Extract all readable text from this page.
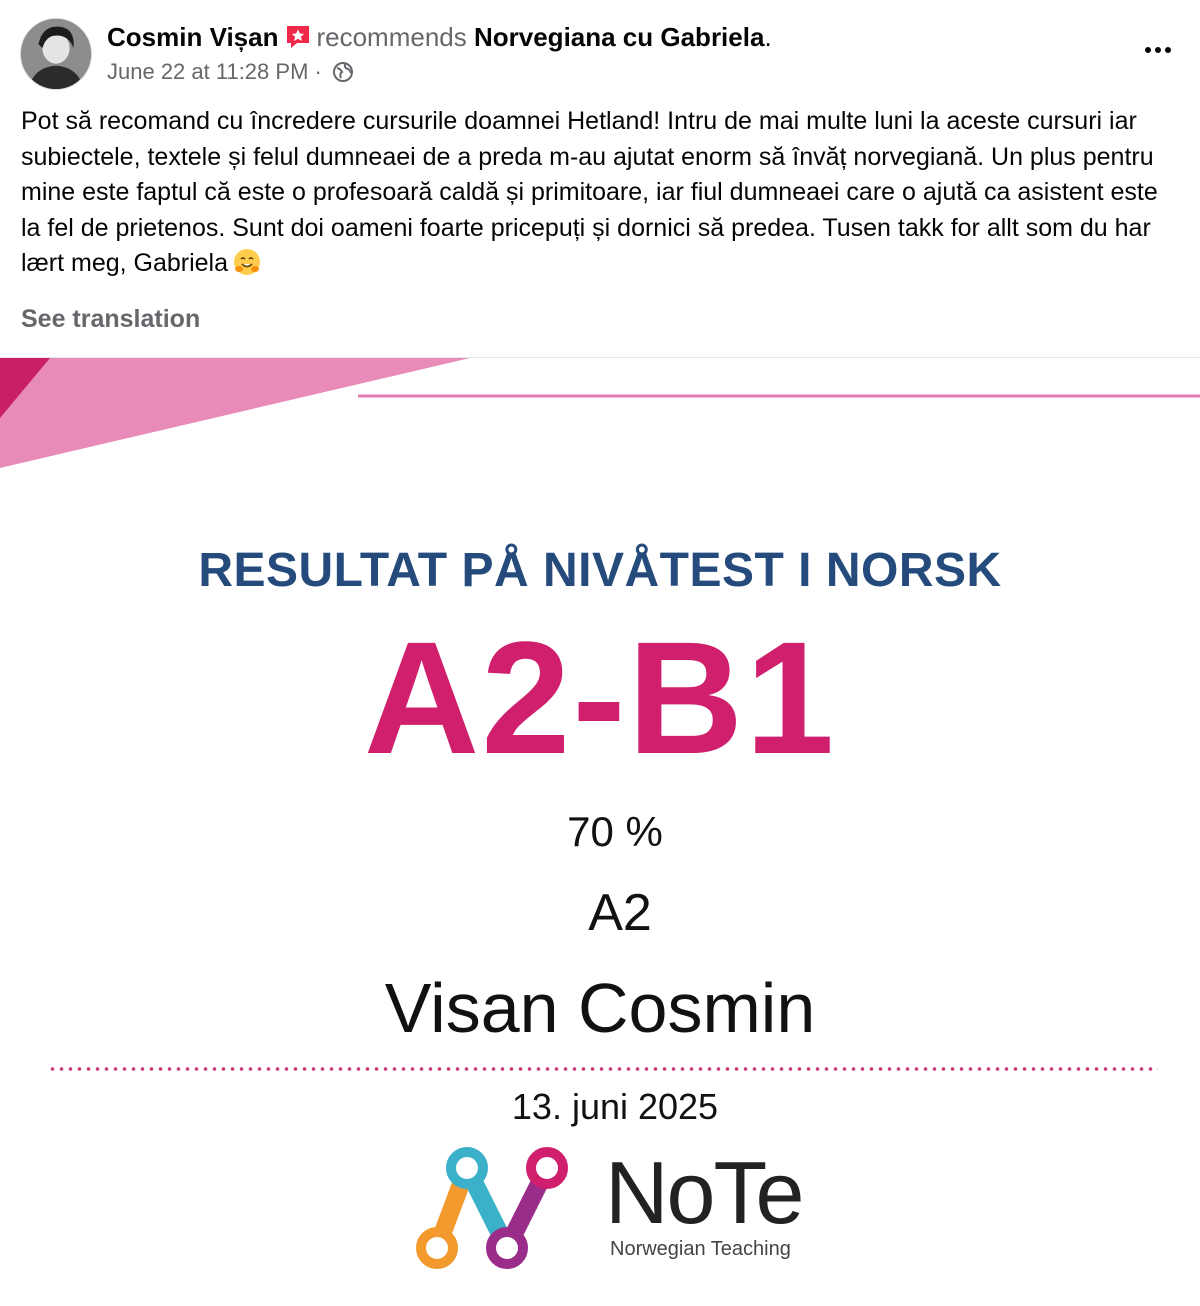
Cosmin Vișan recommends Norvegiana cu Gabriela.
June 22 at 11:28 PM ·
Pot să recomand cu încredere cursurile doamnei Hetland! Intru de mai multe luni la aceste cursuri iar subiectele, textele și felul dumneaei de a preda m-au ajutat enorm să învăț norvegiană. Un plus pentru mine este faptul că este o profesoară caldă și primitoare, iar fiul dumneaei care o ajută ca asistent este la fel de prietenos. Sunt doi oameni foarte pricepuți și dornici să predea. Tusen takk for allt som du har lært meg, Gabriela
See translation
RESULTAT PÅ NIVÅTEST I NORSK
A2-B1
70 %
A2
Visan Cosmin
13. juni 2025
NoTe
Norwegian Teaching
